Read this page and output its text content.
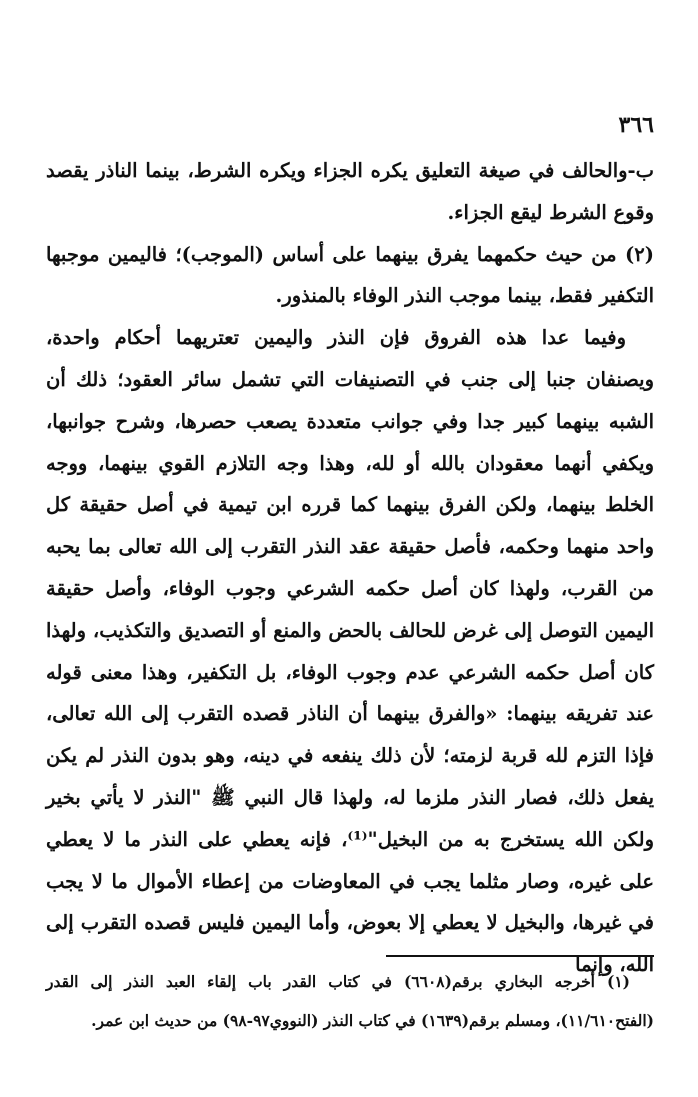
٣٦٦

ب-والحالف في صيغة التعليق يكره الجزاء ويكره الشرط، بينما الناذر يقصد وقوع الشرط ليقع الجزاء.

(٢) من حيث حكمهما يفرق بينهما على أساس (الموجب)؛ فاليمين موجبها التكفير فقط، بينما موجب النذر الوفاء بالمنذور.

وفيما عدا هذه الفروق فإن النذر واليمين تعتريهما أحكام واحدة، ويصنفان جنبا إلى جنب في التصنيفات التي تشمل سائر العقود؛ ذلك أن الشبه بينهما كبير جدا وفي جوانب متعددة يصعب حصرها، وشرح جوانبها، ويكفي أنهما معقودان بالله أو لله، وهذا وجه التلازم القوي بينهما، ووجه الخلط بينهما، ولكن الفرق بينهما كما قرره ابن تيمية في أصل حقيقة كل واحد منهما وحكمه، فأصل حقيقة عقد النذر التقرب إلى الله تعالى بما يحبه من القرب، ولهذا كان أصل حكمه الشرعي وجوب الوفاء، وأصل حقيقة اليمين التوصل إلى غرض للحالف بالحض والمنع أو التصديق والتكذيب، ولهذا كان أصل حكمه الشرعي عدم وجوب الوفاء، بل التكفير، وهذا معنى قوله عند تفريقه بينهما: «والفرق بينهما أن الناذر قصده التقرب إلى الله تعالى، فإذا التزم لله قربة لزمته؛ لأن ذلك ينفعه في دينه، وهو بدون النذر لم يكن يفعل ذلك، فصار النذر ملزما له، ولهذا قال النبي ﷺ "النذر لا يأتي بخير ولكن الله يستخرج به من البخيل"⁽¹⁾، فإنه يعطي على النذر ما لا يعطي على غيره، وصار مثلما يجب في المعاوضات من إعطاء الأموال ما لا يجب في غيرها، والبخيل لا يعطي إلا بعوض، وأما اليمين فليس قصده التقرب إلى الله، وإنما

(١) أخرجه البخاري برقم(٦٦٠٨) في كتاب القدر باب إلقاء العبد النذر إلى القدر (الفتح١١/٦١٠)، ومسلم برقم(١٦٣٩) في كتاب النذر (النووي٩٧-٩٨) من حديث ابن عمر.
